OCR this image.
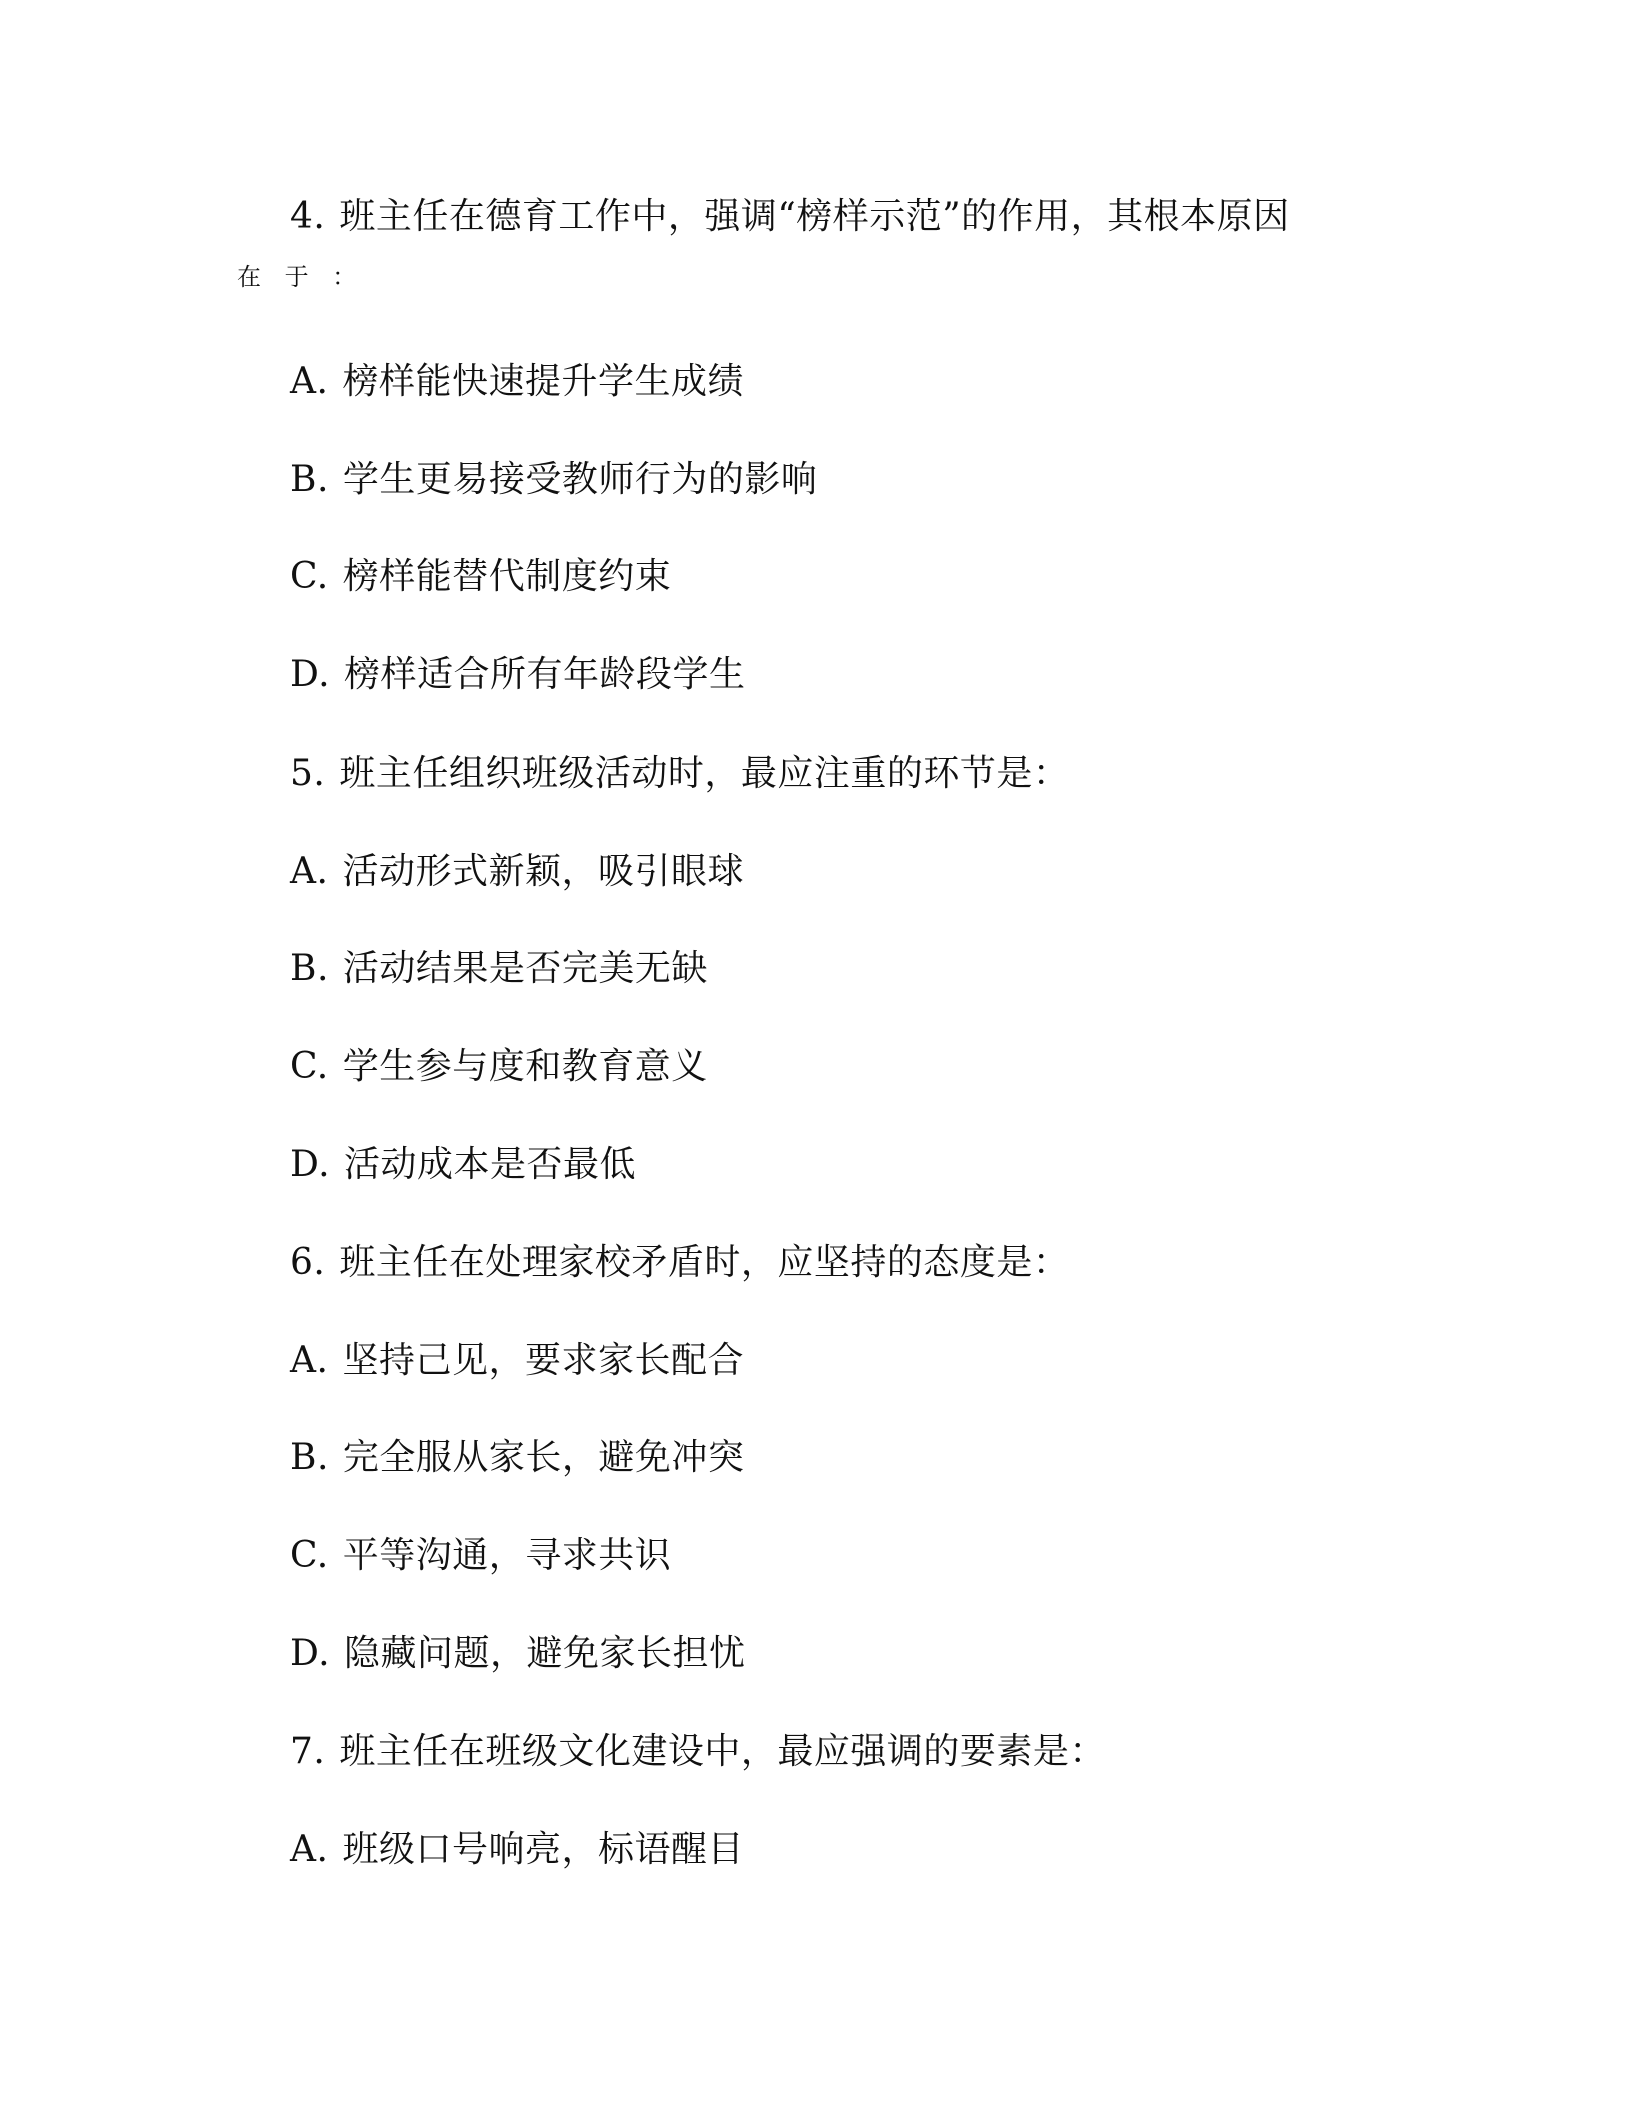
4. 班主任在德育工作中，强调“榜样示范”的作用，其根本原因
在 于 ：
A. 榜样能快速提升学生成绩
B. 学生更易接受教师行为的影响
C. 榜样能替代制度约束
D. 榜样适合所有年龄段学生
5. 班主任组织班级活动时，最应注重的环节是：
A. 活动形式新颖，吸引眼球
B. 活动结果是否完美无缺
C. 学生参与度和教育意义
D. 活动成本是否最低
6. 班主任在处理家校矛盾时，应坚持的态度是：
A. 坚持己见，要求家长配合
B. 完全服从家长，避免冲突
C. 平等沟通，寻求共识
D. 隐藏问题，避免家长担忧
7. 班主任在班级文化建设中，最应强调的要素是：
A. 班级口号响亮，标语醒目
